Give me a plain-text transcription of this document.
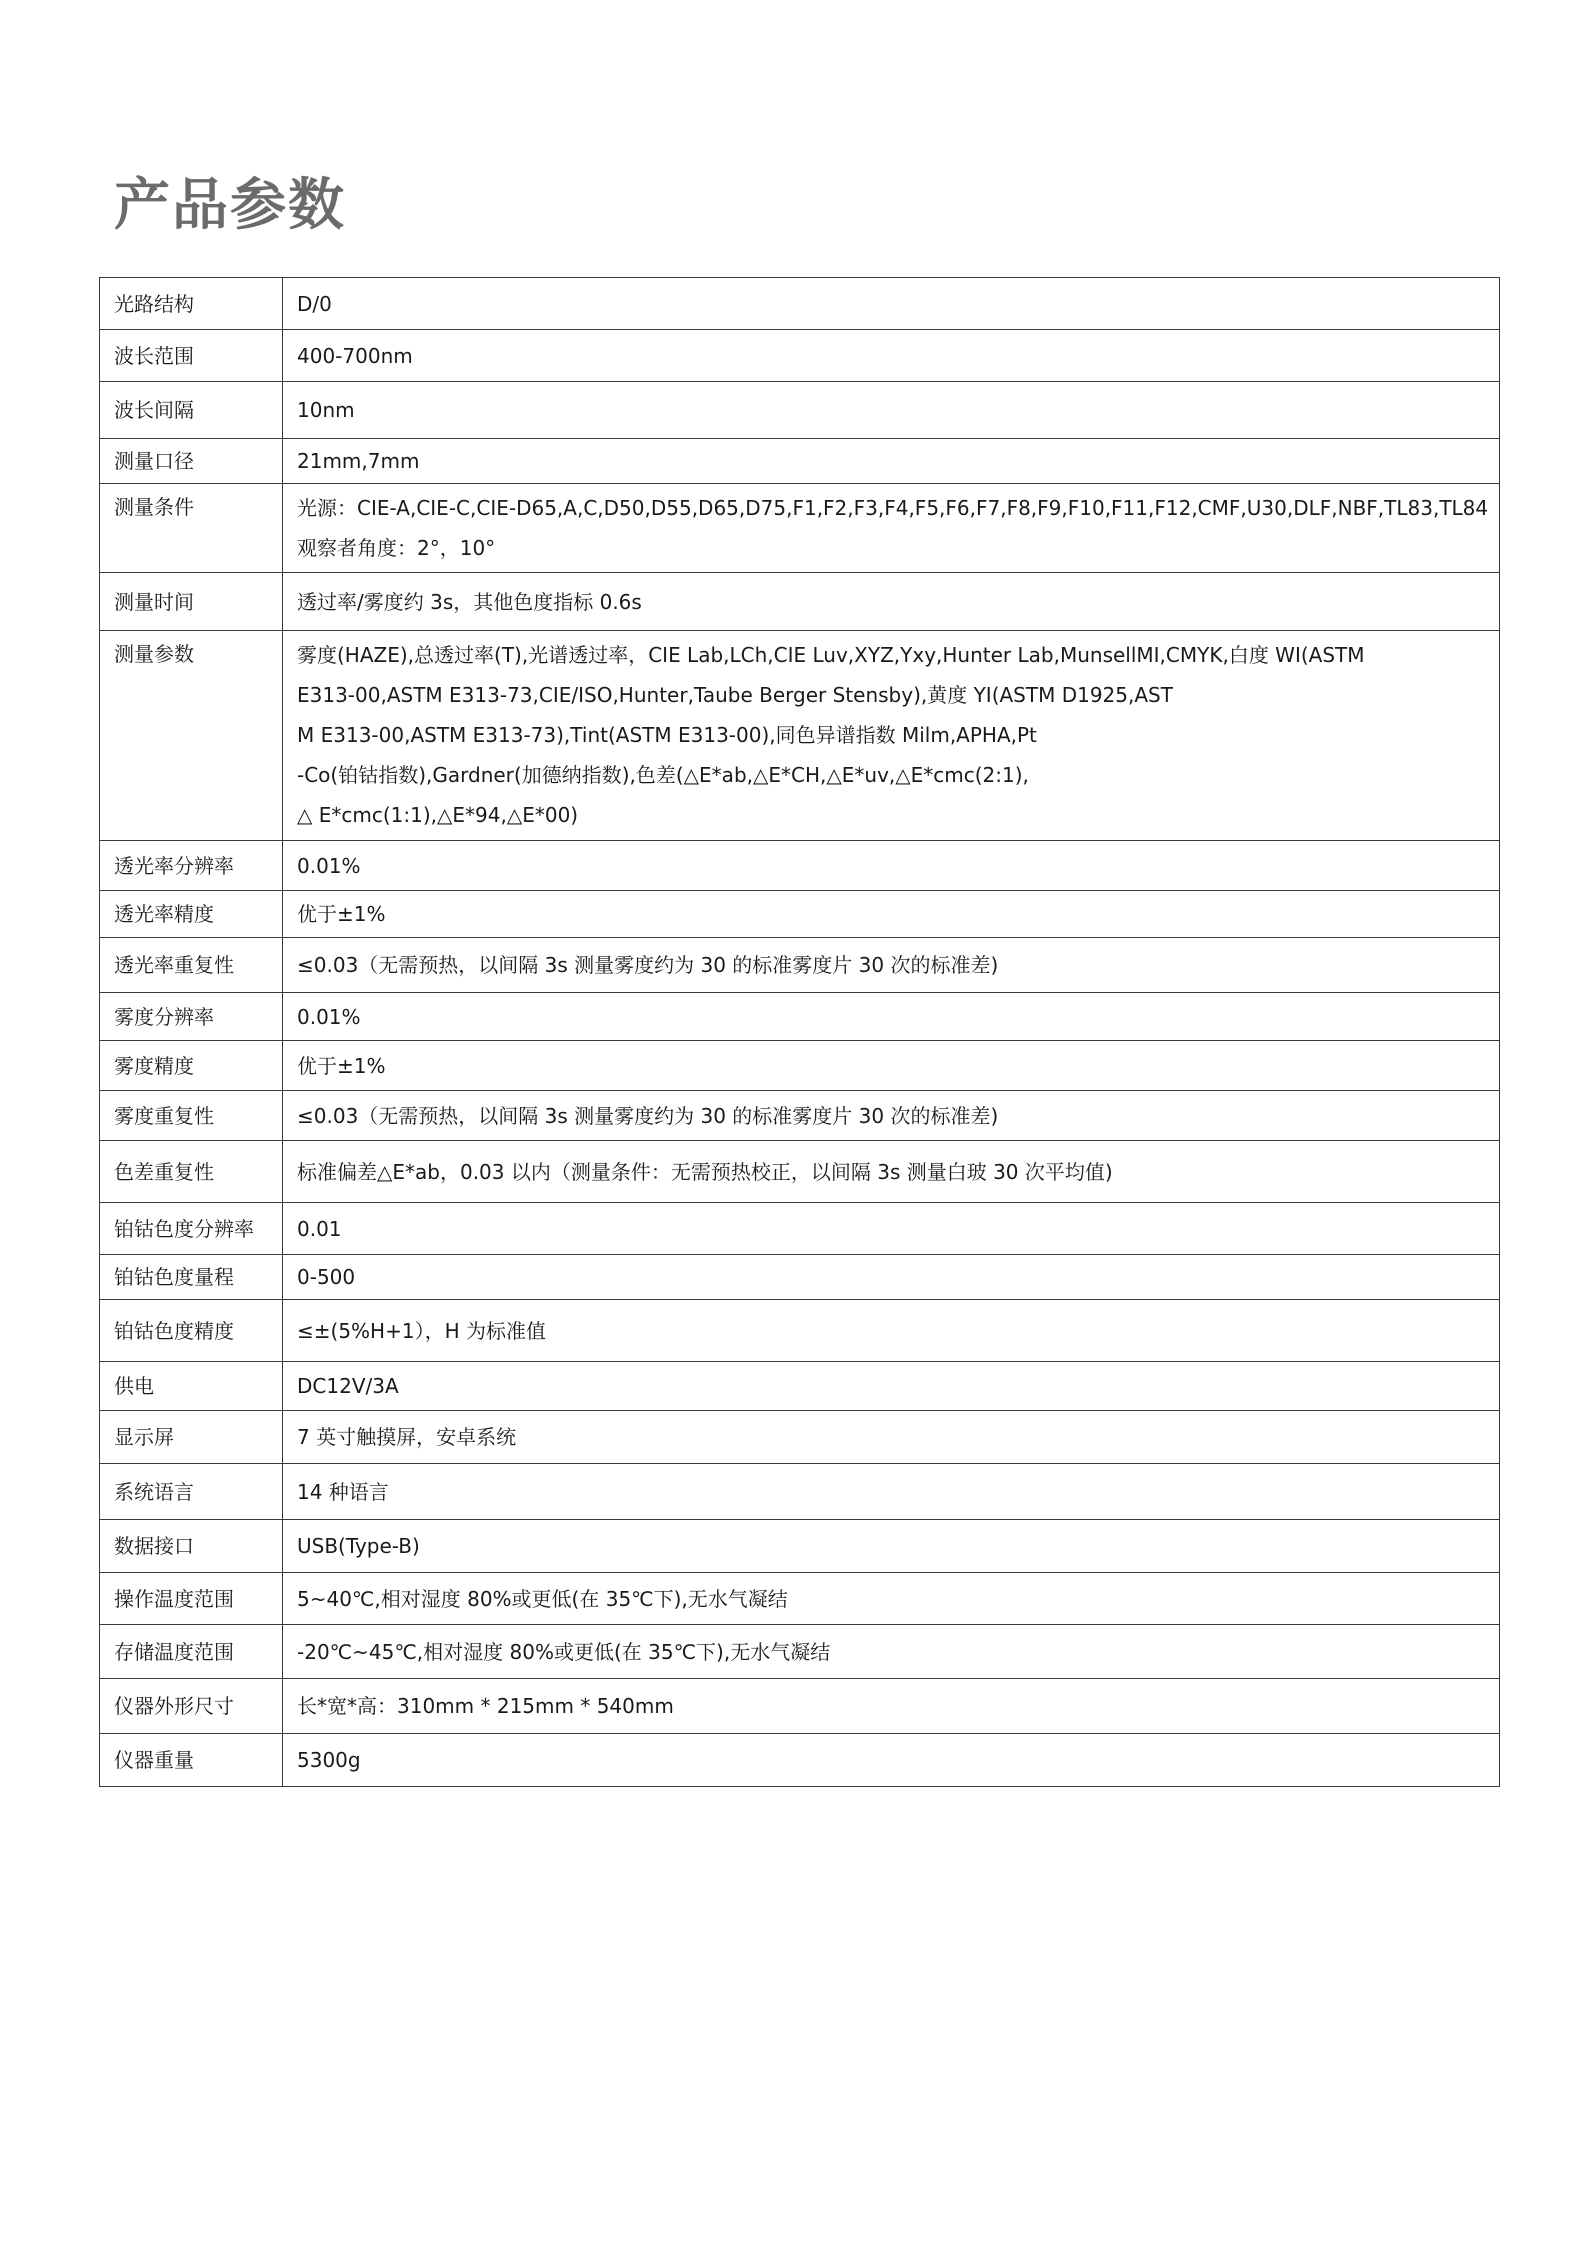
产品参数
光路结构	D/0

波长范围	400-700nm

波长间隔	10nm

测量口径	21mm,7mm

测量条件	光源：CIE-A,CIE-C,CIE-D65,A,C,D50,D55,D65,D75,F1,F2,F3,F4,F5,F6,F7,F8,F9,F10,F11,F12,CMF,U30,DLF,NBF,TL83,TL84
观察者角度：2°，10°

测量时间	透过率/雾度约 3s，其他色度指标 0.6s

测量参数	雾度(HAZE),总透过率(T),光谱透过率，CIE Lab,LCh,CIE Luv,XYZ,Yxy,Hunter Lab,MunsellMI,CMYK,白度 WI(ASTM
E313-00,ASTM E313-73,CIE/ISO,Hunter,Taube Berger Stensby),黄度 YI(ASTM D1925,AST
M E313-00,ASTM E313-73),Tint(ASTM E313-00),同色异谱指数 Milm,APHA,Pt
-Co(铂钴指数),Gardner(加德纳指数),色差(△E*ab,△E*CH,△E*uv,△E*cmc(2:1),
△ E*cmc(1:1),△E*94,△E*00)

透光率分辨率	0.01%

透光率精度	优于±1%

透光率重复性	≤0.03（无需预热，以间隔 3s 测量雾度约为 30 的标准雾度片 30 次的标准差)

雾度分辨率	0.01%

雾度精度	优于±1%

雾度重复性	≤0.03（无需预热，以间隔 3s 测量雾度约为 30 的标准雾度片 30 次的标准差)

色差重复性	标准偏差△E*ab，0.03 以内（测量条件：无需预热校正，以间隔 3s 测量白玻 30 次平均值)

铂钴色度分辨率	0.01

铂钴色度量程	0-500

铂钴色度精度	≤±(5%H+1），H 为标准值

供电	DC12V/3A

显示屏	7 英寸触摸屏，安卓系统

系统语言	14 种语言

数据接口	USB(Type-B)

操作温度范围	5~40℃,相对湿度 80%或更低(在 35℃下),无水气凝结

存储温度范围	-20℃~45℃,相对湿度 80%或更低(在 35℃下),无水气凝结

仪器外形尺寸	长*宽*高：310mm * 215mm * 540mm

仪器重量	5300g
